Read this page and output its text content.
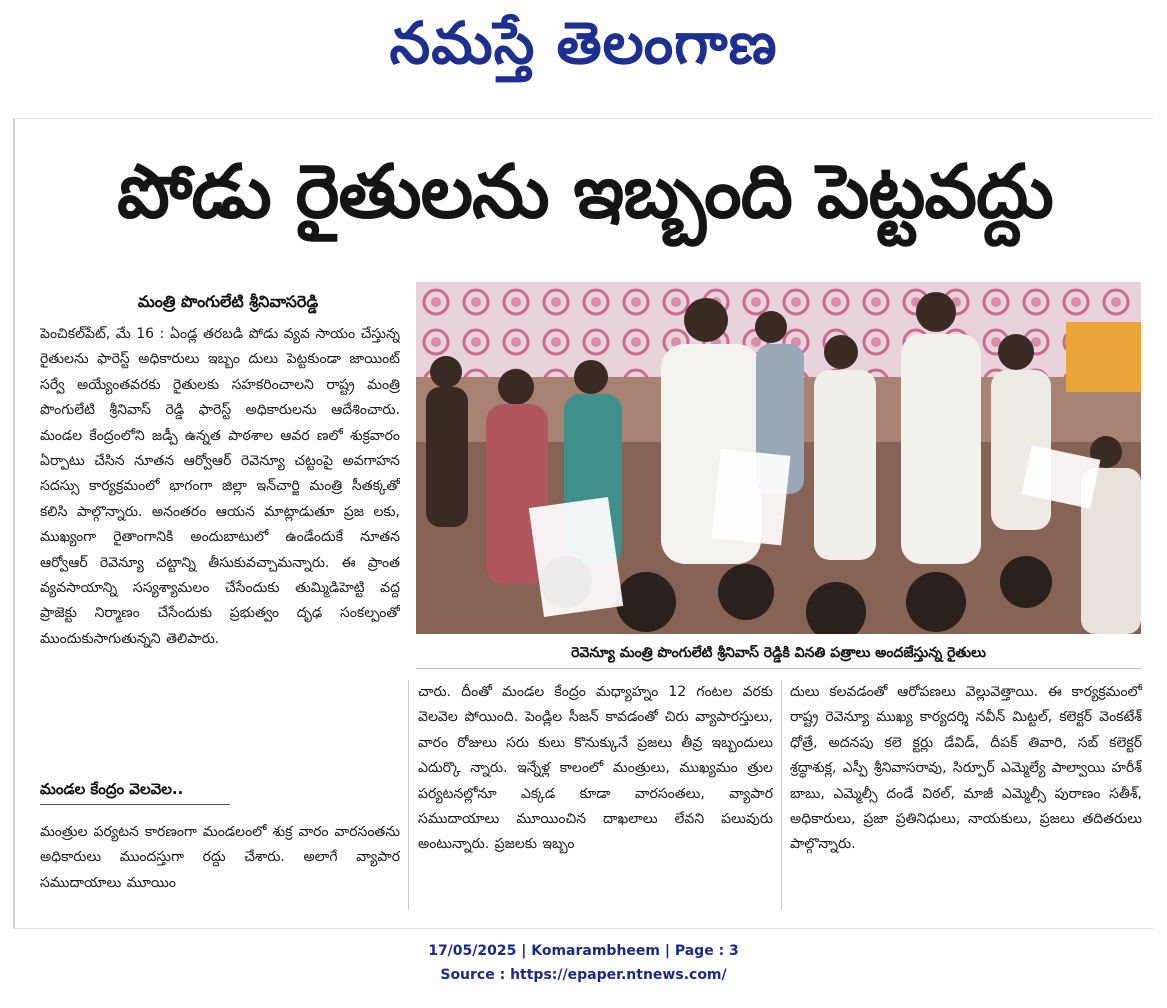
నమస్తే తెలంగాణ
పోడు రైతులను ఇబ్బంది పెట్టవద్దు
మంత్రి పొంగులేటి శ్రీనివాసరెడ్డి
పెంచికల్‌పేట్, మే 16 : ఏండ్ల తరబడి పోడు వ్యవ సాయం చేస్తున్న రైతులను ఫారెస్ట్ అధికారులు ఇబ్బం దులు పెట్టకుండా జాయింట్ సర్వే అయ్యేంతవరకు రైతులకు సహకరించాలని రాష్ట్ర మంత్రి పొంగులేటి శ్రీనివాస్ రెడ్డి ఫారెస్ట్ అధికారులను ఆదేశించారు. మండల కేంద్రంలోని జడ్పీ ఉన్నత పాఠశాల ఆవర ణలో శుక్రవారం ఏర్పాటు చేసిన నూతన ఆర్వోఆర్ రెవెన్యూ చట్టంపై అవగాహన సదస్సు కార్యక్రమంలో భాగంగా జిల్లా ఇన్‌చార్జి మంత్రి సీతక్కతో కలిసి పాల్గొన్నారు. అనంతరం ఆయన మాట్లాడుతూ ప్రజ లకు, ముఖ్యంగా రైతాంగానికి అందుబాటులో ఉండేందుకే నూతన ఆర్వోఆర్ రెవెన్యూ చట్టాన్ని తీసుకువచ్చామన్నారు. ఈ ప్రాంత వ్యవసాయాన్ని సస్యశ్యామలం చేసేందుకు తుమ్మిడిహెట్టి వద్ద ప్రాజెక్టు నిర్మాణం చేసేందుకు ప్రభుత్వం దృఢ సంకల్పంతో ముందుకుసాగుతున్నని తెలిపారు.
మండల కేంద్రం వెలవెల..
మంత్రుల పర్యటన కారణంగా మండలంలో శుక్ర వారం వారసంతను అధికారులు ముందస్తుగా రద్దు చేశారు. అలాగే వ్యాపార సముదాయాలు మూయిం
రెవెన్యూ మంత్రి పొంగులేటి శ్రీనివాస్ రెడ్డికి వినతి పత్రాలు అందజేస్తున్న రైతులు
చారు. దీంతో మండల కేంద్రం మధ్యాహ్నం 12 గంటల వరకు వెలవెల పోయింది. పెండ్లిల సీజన్ కావడంతో చిరు వ్యాపారస్తులు, వారం రోజులు సరు కులు కొనుక్కునే ప్రజలు తీవ్ర ఇబ్బందులు ఎదుర్కొ న్నారు. ఇన్నేళ్ల కాలంలో మంత్రులు, ముఖ్యమం త్రుల పర్యటనల్లోనూ ఎక్కడ కూడా వారసంతలు, వ్యాపార సముదాయాలు మూయించిన దాఖలాలు లేవని పలువురు అంటున్నారు. ప్రజలకు ఇబ్బం
దులు కలవడంతో ఆరోపణలు వెల్లువెత్తాయి. ఈ కార్యక్రమంలో రాష్ట్ర రెవెన్యూ ముఖ్య కార్యదర్శి నవీన్ మిట్టల్, కలెక్టర్ వెంకటేశ్ ధోత్రే, అదనపు కలె క్టర్లు డేవిడ్, దీపక్ తివారి, సబ్ కలెక్టర్ శ్రద్ధాశుక్ల, ఎస్పీ శ్రీనివాసరావు, సిర్పూర్ ఎమ్మెల్యే పాల్వాయి హరీశ్ బాబు, ఎమ్మెల్సీ దండే విఠల్, మాజీ ఎమ్మెల్సీ పురాణం సతీశ్, అధికారులు, ప్రజా ప్రతినిధులు, నాయకులు, ప్రజలు తదితరులు పాల్గొన్నారు.
17/05/2025 | Komarambheem | Page : 3
Source : https://epaper.ntnews.com/
